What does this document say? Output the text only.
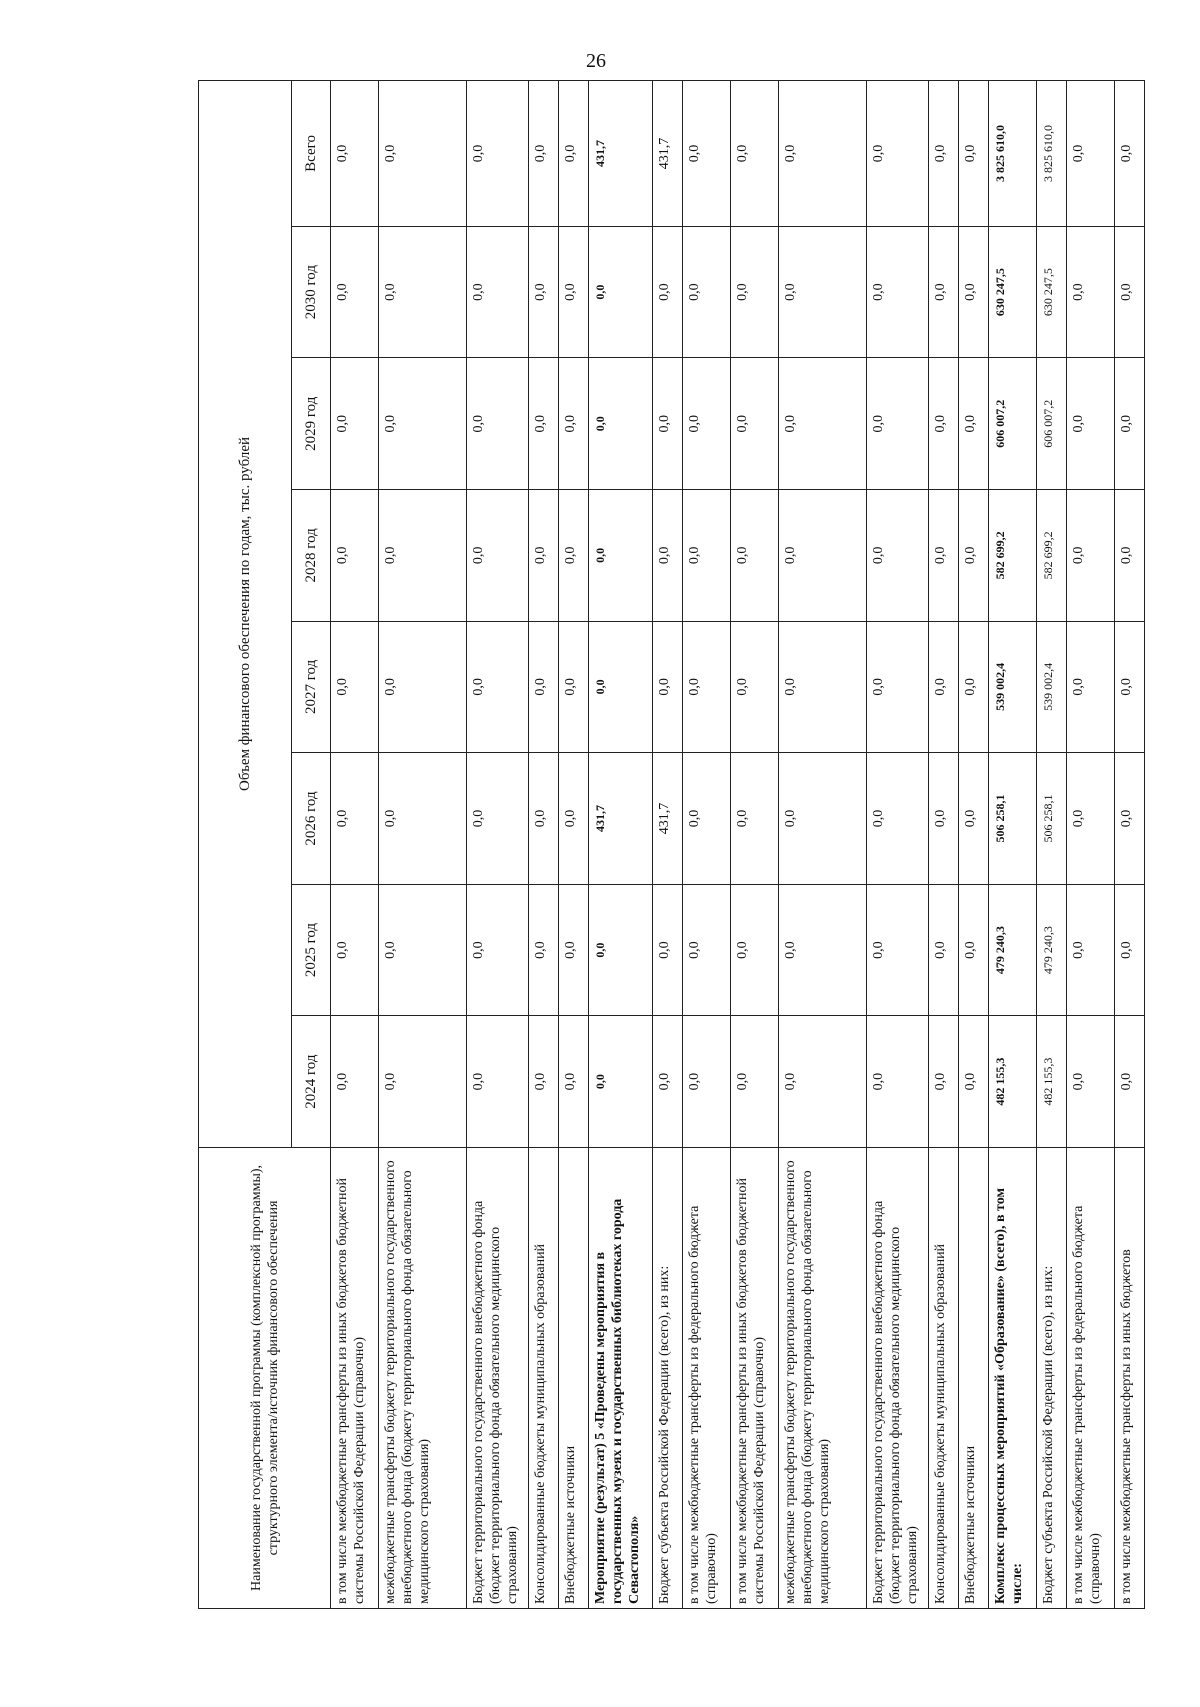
26
Наименование государственной программы (комплексной программы), структурного элемента/источник финансового обеспечения	Объем финансового обеспечения по годам, тыс. рублей							
	2024 год	2025 год	2026 год	2027 год	2028 год	2029 год	2030 год	Всего
в том числе межбюджетные трансферты из иных бюджетов бюджетной системы Российской Федерации (справочно)	0,0	0,0	0,0	0,0	0,0	0,0	0,0	0,0
межбюджетные трансферты бюджету территориального государственного внебюджетного фонда (бюджету территориального фонда обязательного медицинского страхования)	0,0	0,0	0,0	0,0	0,0	0,0	0,0	0,0
Бюджет территориального государственного внебюджетного фонда (бюджет территориального фонда обязательного медицинского страхования)	0,0	0,0	0,0	0,0	0,0	0,0	0,0	0,0
Консолидированные бюджеты муниципальных образований	0,0	0,0	0,0	0,0	0,0	0,0	0,0	0,0
Внебюджетные источники	0,0	0,0	0,0	0,0	0,0	0,0	0,0	0,0
Мероприятие (результат) 5 «Проведены мероприятия в государственных музеях и государственных библиотеках города Севастополя»	0,0	0,0	431,7	0,0	0,0	0,0	0,0	431,7
Бюджет субъекта Российской Федерации (всего), из них:	0,0	0,0	431,7	0,0	0,0	0,0	0,0	431,7
в том числе межбюджетные трансферты из федерального бюджета (справочно)	0,0	0,0	0,0	0,0	0,0	0,0	0,0	0,0
в том числе межбюджетные трансферты из иных бюджетов бюджетной системы Российской Федерации (справочно)	0,0	0,0	0,0	0,0	0,0	0,0	0,0	0,0
межбюджетные трансферты бюджету территориального государственного внебюджетного фонда (бюджету территориального фонда обязательного медицинского страхования)	0,0	0,0	0,0	0,0	0,0	0,0	0,0	0,0
Бюджет территориального государственного внебюджетного фонда (бюджет территориального фонда обязательного медицинского страхования)	0,0	0,0	0,0	0,0	0,0	0,0	0,0	0,0
Консолидированные бюджеты муниципальных образований	0,0	0,0	0,0	0,0	0,0	0,0	0,0	0,0
Внебюджетные источники	0,0	0,0	0,0	0,0	0,0	0,0	0,0	0,0
Комплекс процессных мероприятий «Образование» (всего), в том числе:	482 155,3	479 240,3	506 258,1	539 002,4	582 699,2	606 007,2	630 247,5	3 825 610,0
Бюджет субъекта Российской Федерации (всего), из них:	482 155,3	479 240,3	506 258,1	539 002,4	582 699,2	606 007,2	630 247,5	3 825 610,0
в том числе межбюджетные трансферты из федерального бюджета (справочно)	0,0	0,0	0,0	0,0	0,0	0,0	0,0	0,0
в том числе межбюджетные трансферты из иных бюджетов	0,0	0,0	0,0	0,0	0,0	0,0	0,0	0,0
